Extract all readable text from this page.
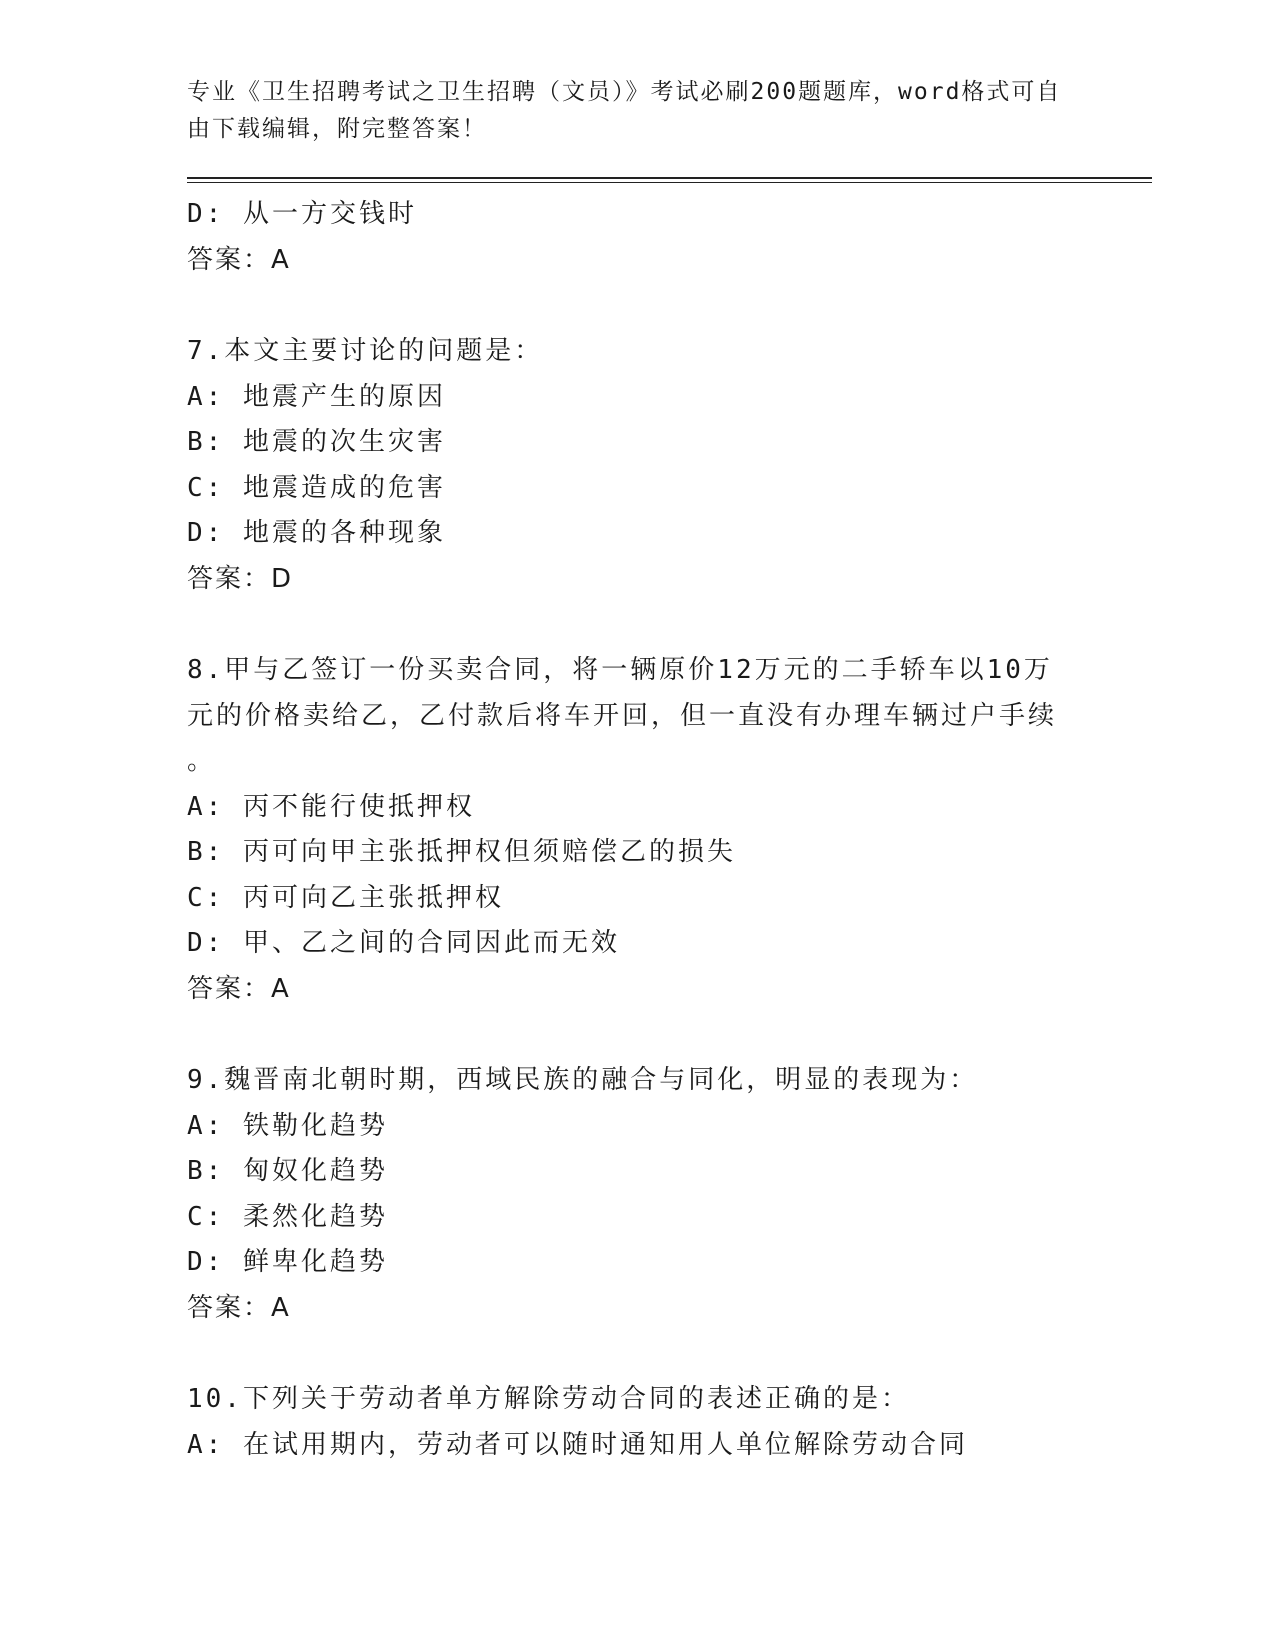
专业《卫生招聘考试之卫生招聘（文员）》考试必刷200题题库，word格式可自由下载编辑，附完整答案！
D: 从一方交钱时
答案：A
7.本文主要讨论的问题是：
A: 地震产生的原因
B: 地震的次生灾害
C: 地震造成的危害
D: 地震的各种现象
答案：D
8.甲与乙签订一份买卖合同，将一辆原价12万元的二手轿车以10万
元的价格卖给乙，乙付款后将车开回，但一直没有办理车辆过户手续
。
A: 丙不能行使抵押权
B: 丙可向甲主张抵押权但须赔偿乙的损失
C: 丙可向乙主张抵押权
D: 甲、乙之间的合同因此而无效
答案：A
9.魏晋南北朝时期，西域民族的融合与同化，明显的表现为：
A: 铁勒化趋势
B: 匈奴化趋势
C: 柔然化趋势
D: 鲜卑化趋势
答案：A
10.下列关于劳动者单方解除劳动合同的表述正确的是：
A: 在试用期内，劳动者可以随时通知用人单位解除劳动合同
